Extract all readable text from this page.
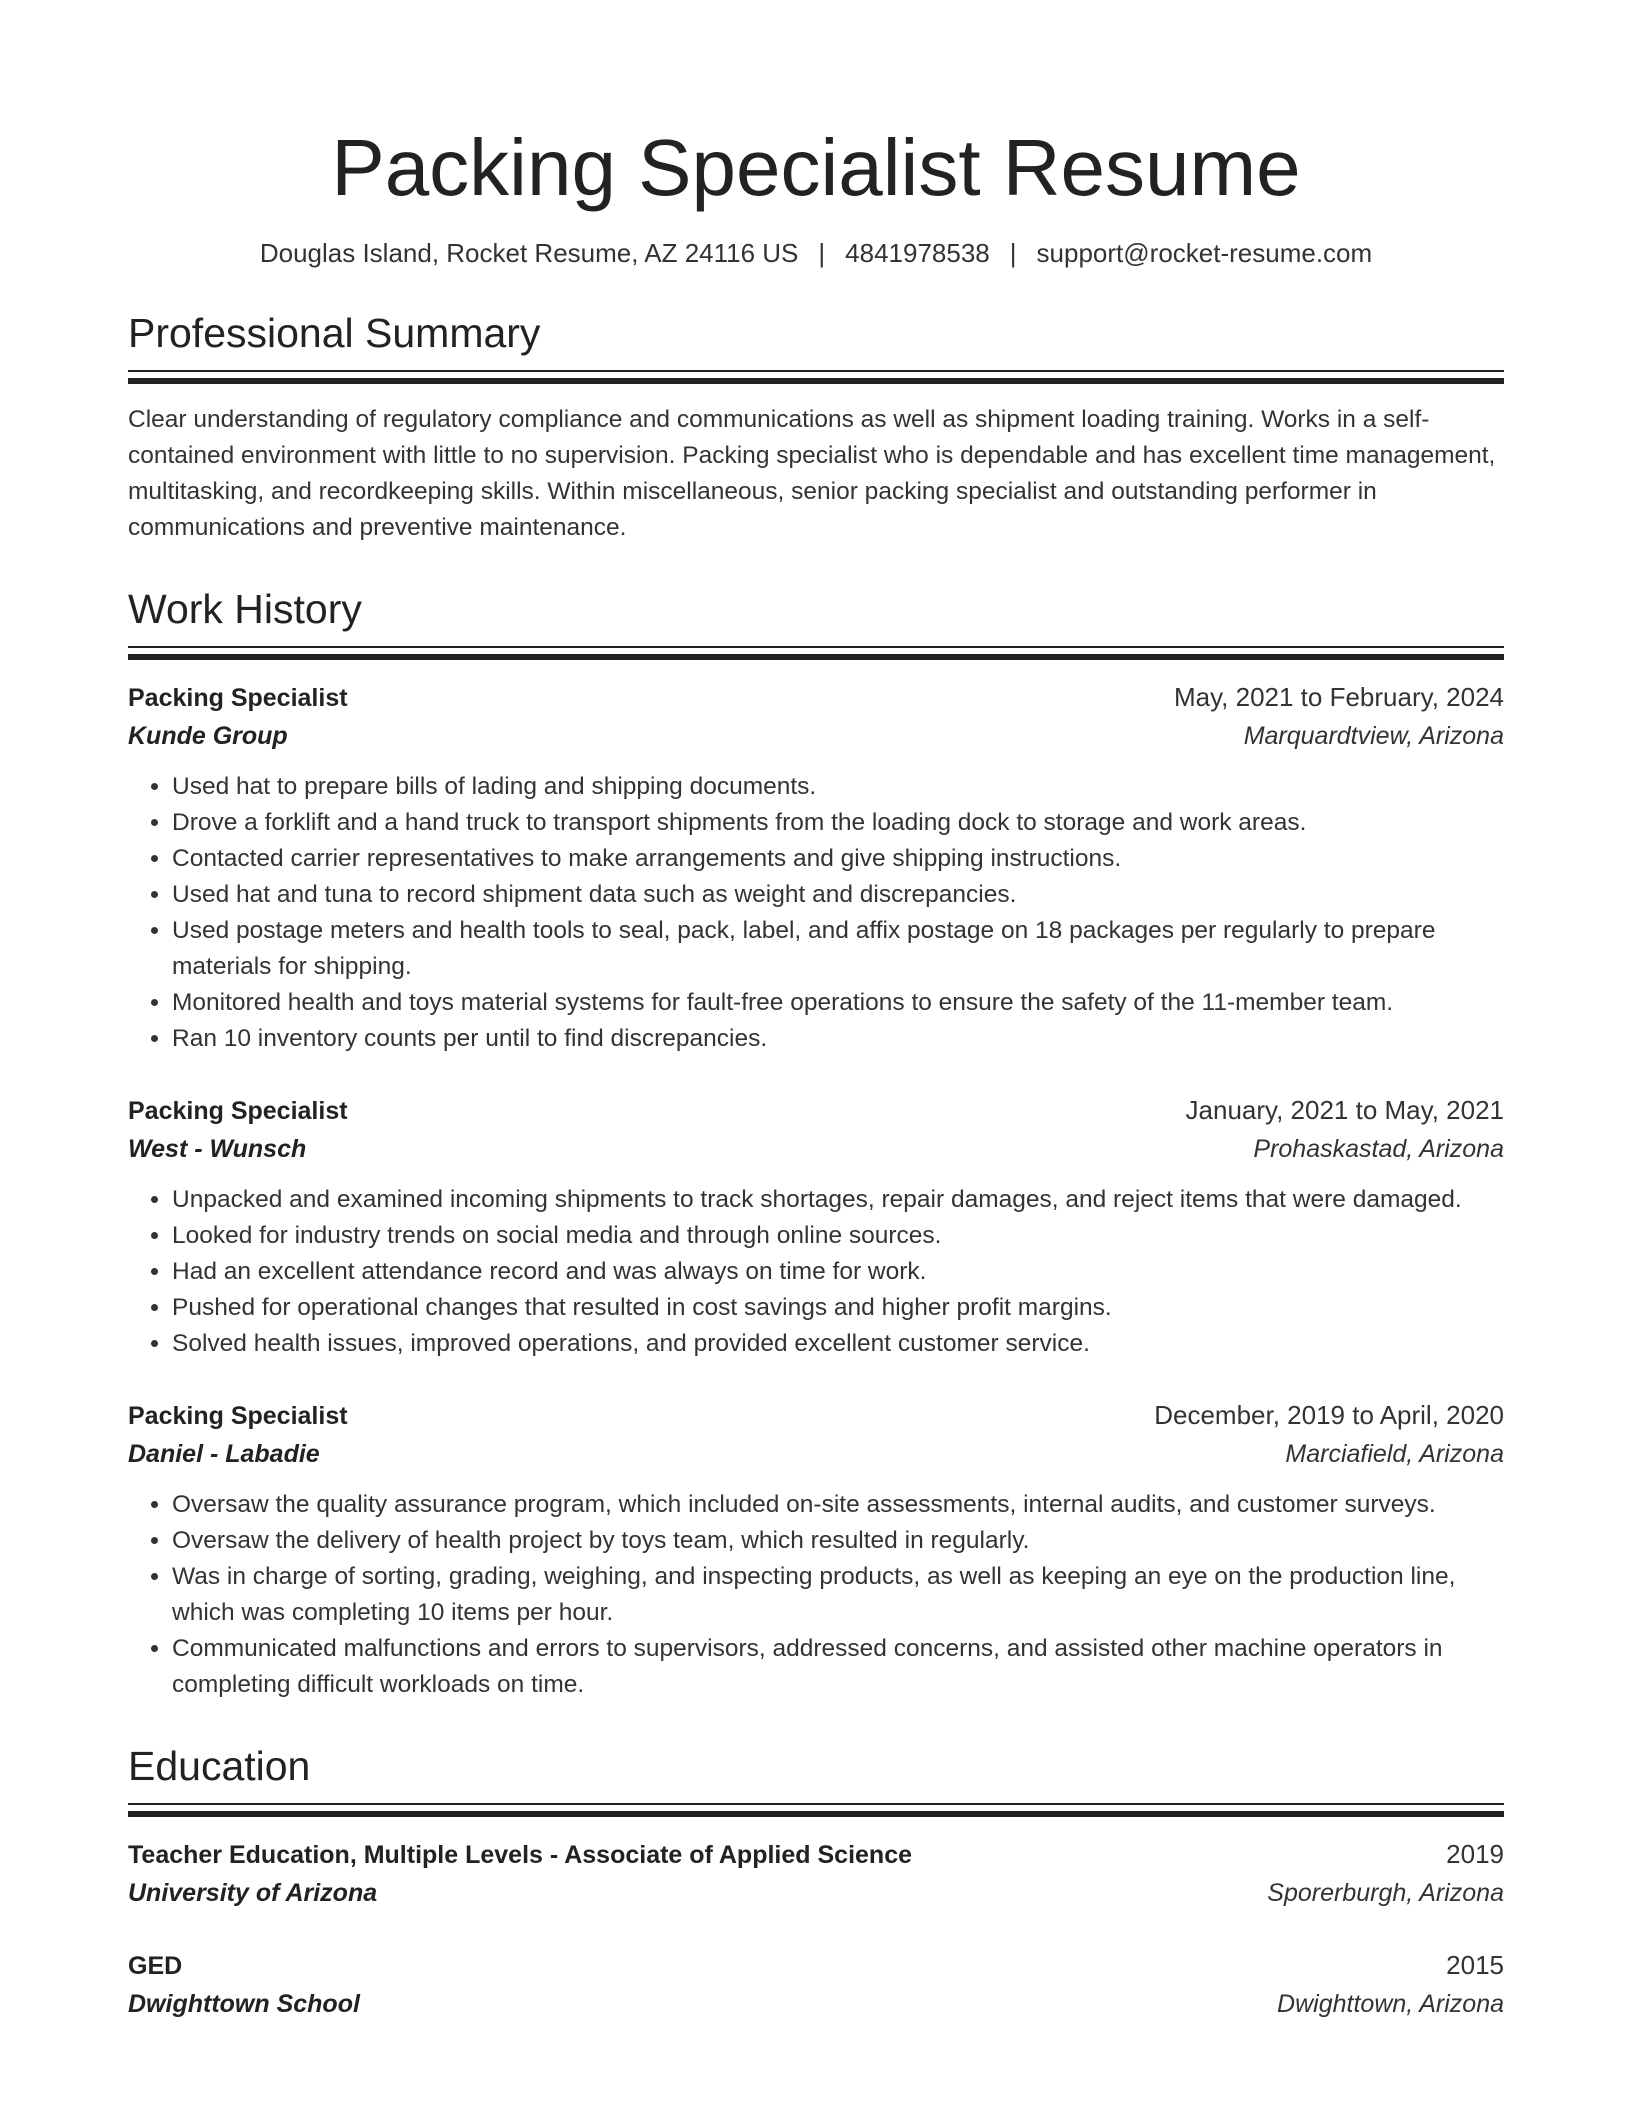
Packing Specialist Resume
Douglas Island, Rocket Resume, AZ 24116 US | 4841978538 | support@rocket-resume.com
Professional Summary
Clear understanding of regulatory compliance and communications as well as shipment loading training. Works in a self-contained environment with little to no supervision. Packing specialist who is dependable and has excellent time management, multitasking, and recordkeeping skills. Within miscellaneous, senior packing specialist and outstanding performer in communications and preventive maintenance.
Work History
Packing Specialist	May, 2021 to February, 2024
Kunde Group	Marquardtview, Arizona
• Used hat to prepare bills of lading and shipping documents.
• Drove a forklift and a hand truck to transport shipments from the loading dock to storage and work areas.
• Contacted carrier representatives to make arrangements and give shipping instructions.
• Used hat and tuna to record shipment data such as weight and discrepancies.
• Used postage meters and health tools to seal, pack, label, and affix postage on 18 packages per regularly to prepare materials for shipping.
• Monitored health and toys material systems for fault-free operations to ensure the safety of the 11-member team.
• Ran 10 inventory counts per until to find discrepancies.
Packing Specialist	January, 2021 to May, 2021
West - Wunsch	Prohaskastad, Arizona
• Unpacked and examined incoming shipments to track shortages, repair damages, and reject items that were damaged.
• Looked for industry trends on social media and through online sources.
• Had an excellent attendance record and was always on time for work.
• Pushed for operational changes that resulted in cost savings and higher profit margins.
• Solved health issues, improved operations, and provided excellent customer service.
Packing Specialist	December, 2019 to April, 2020
Daniel - Labadie	Marciafield, Arizona
• Oversaw the quality assurance program, which included on-site assessments, internal audits, and customer surveys.
• Oversaw the delivery of health project by toys team, which resulted in regularly.
• Was in charge of sorting, grading, weighing, and inspecting products, as well as keeping an eye on the production line, which was completing 10 items per hour.
• Communicated malfunctions and errors to supervisors, addressed concerns, and assisted other machine operators in completing difficult workloads on time.
Education
Teacher Education, Multiple Levels - Associate of Applied Science	2019
University of Arizona	Sporerburgh, Arizona
GED	2015
Dwighttown School	Dwighttown, Arizona
